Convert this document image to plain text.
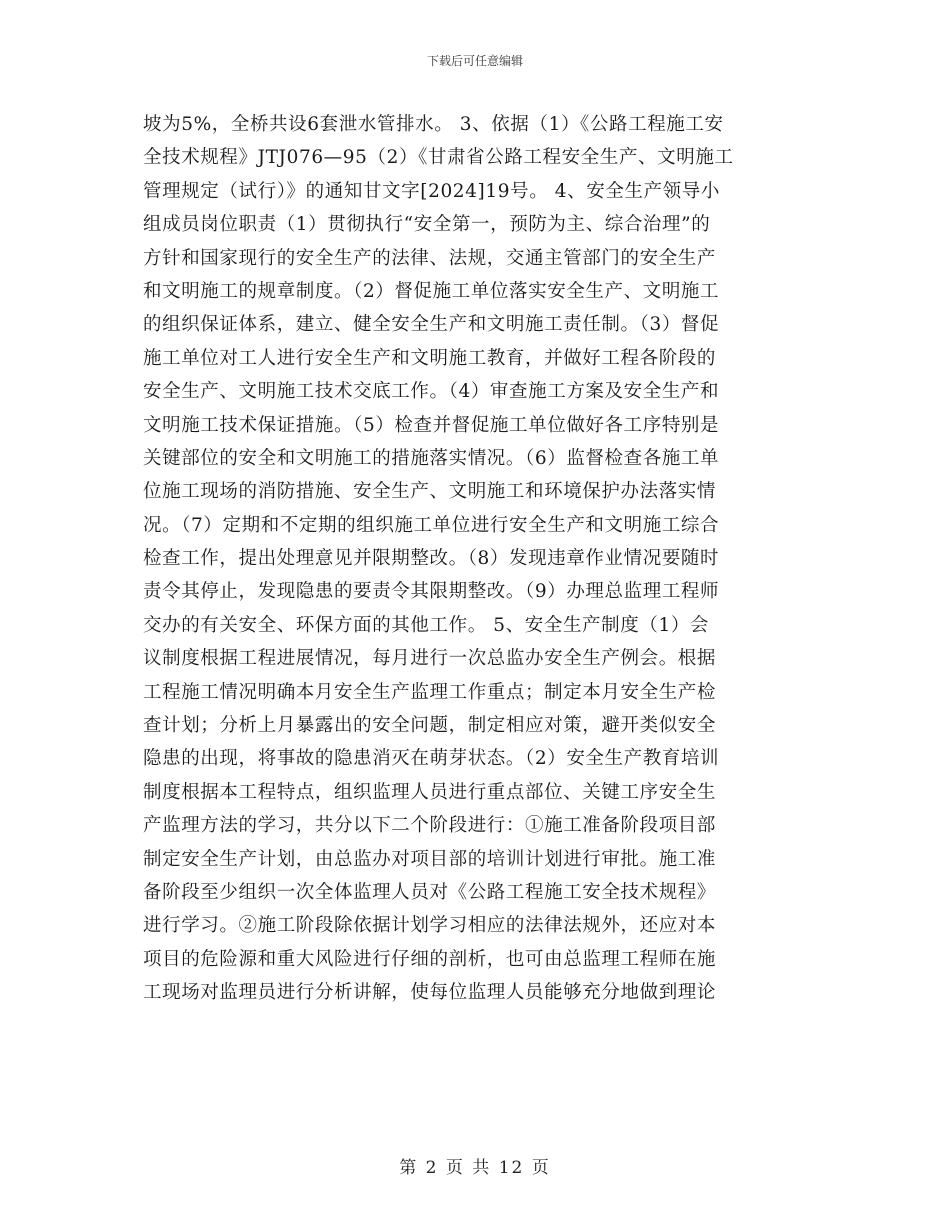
下载后可任意编辑
坡为5%，全桥共设6套泄水管排水。 3、依据（1）《公路工程施工安
全技术规程》JTJ076—95（2）《甘肃省公路工程安全生产、文明施工
管理规定（试行）》的通知甘文字[2024]19号。 4、安全生产领导小
组成员岗位职责（1）贯彻执行“安全第一，预防为主、综合治理”的
方针和国家现行的安全生产的法律、法规，交通主管部门的安全生产
和文明施工的规章制度。（2）督促施工单位落实安全生产、文明施工
的组织保证体系，建立、健全安全生产和文明施工责任制。（3）督促
施工单位对工人进行安全生产和文明施工教育，并做好工程各阶段的
安全生产、文明施工技术交底工作。（4）审查施工方案及安全生产和
文明施工技术保证措施。（5）检查并督促施工单位做好各工序特别是
关键部位的安全和文明施工的措施落实情况。（6）监督检查各施工单
位施工现场的消防措施、安全生产、文明施工和环境保护办法落实情
况。（7）定期和不定期的组织施工单位进行安全生产和文明施工综合
检查工作，提出处理意见并限期整改。（8）发现违章作业情况要随时
责令其停止，发现隐患的要责令其限期整改。（9）办理总监理工程师
交办的有关安全、环保方面的其他工作。 5、安全生产制度（1）会
议制度根据工程进展情况，每月进行一次总监办安全生产例会。根据
工程施工情况明确本月安全生产监理工作重点；制定本月安全生产检
查计划；分析上月暴露出的安全问题，制定相应对策，避开类似安全
隐患的出现，将事故的隐患消灭在萌芽状态。（2）安全生产教育培训
制度根据本工程特点，组织监理人员进行重点部位、关键工序安全生
产监理方法的学习，共分以下二个阶段进行：①施工准备阶段项目部
制定安全生产计划，由总监办对项目部的培训计划进行审批。施工准
备阶段至少组织一次全体监理人员对《公路工程施工安全技术规程》
进行学习。②施工阶段除依据计划学习相应的法律法规外，还应对本
项目的危险源和重大风险进行仔细的剖析，也可由总监理工程师在施
工现场对监理员进行分析讲解，使每位监理人员能够充分地做到理论
第 2 页 共 12 页
